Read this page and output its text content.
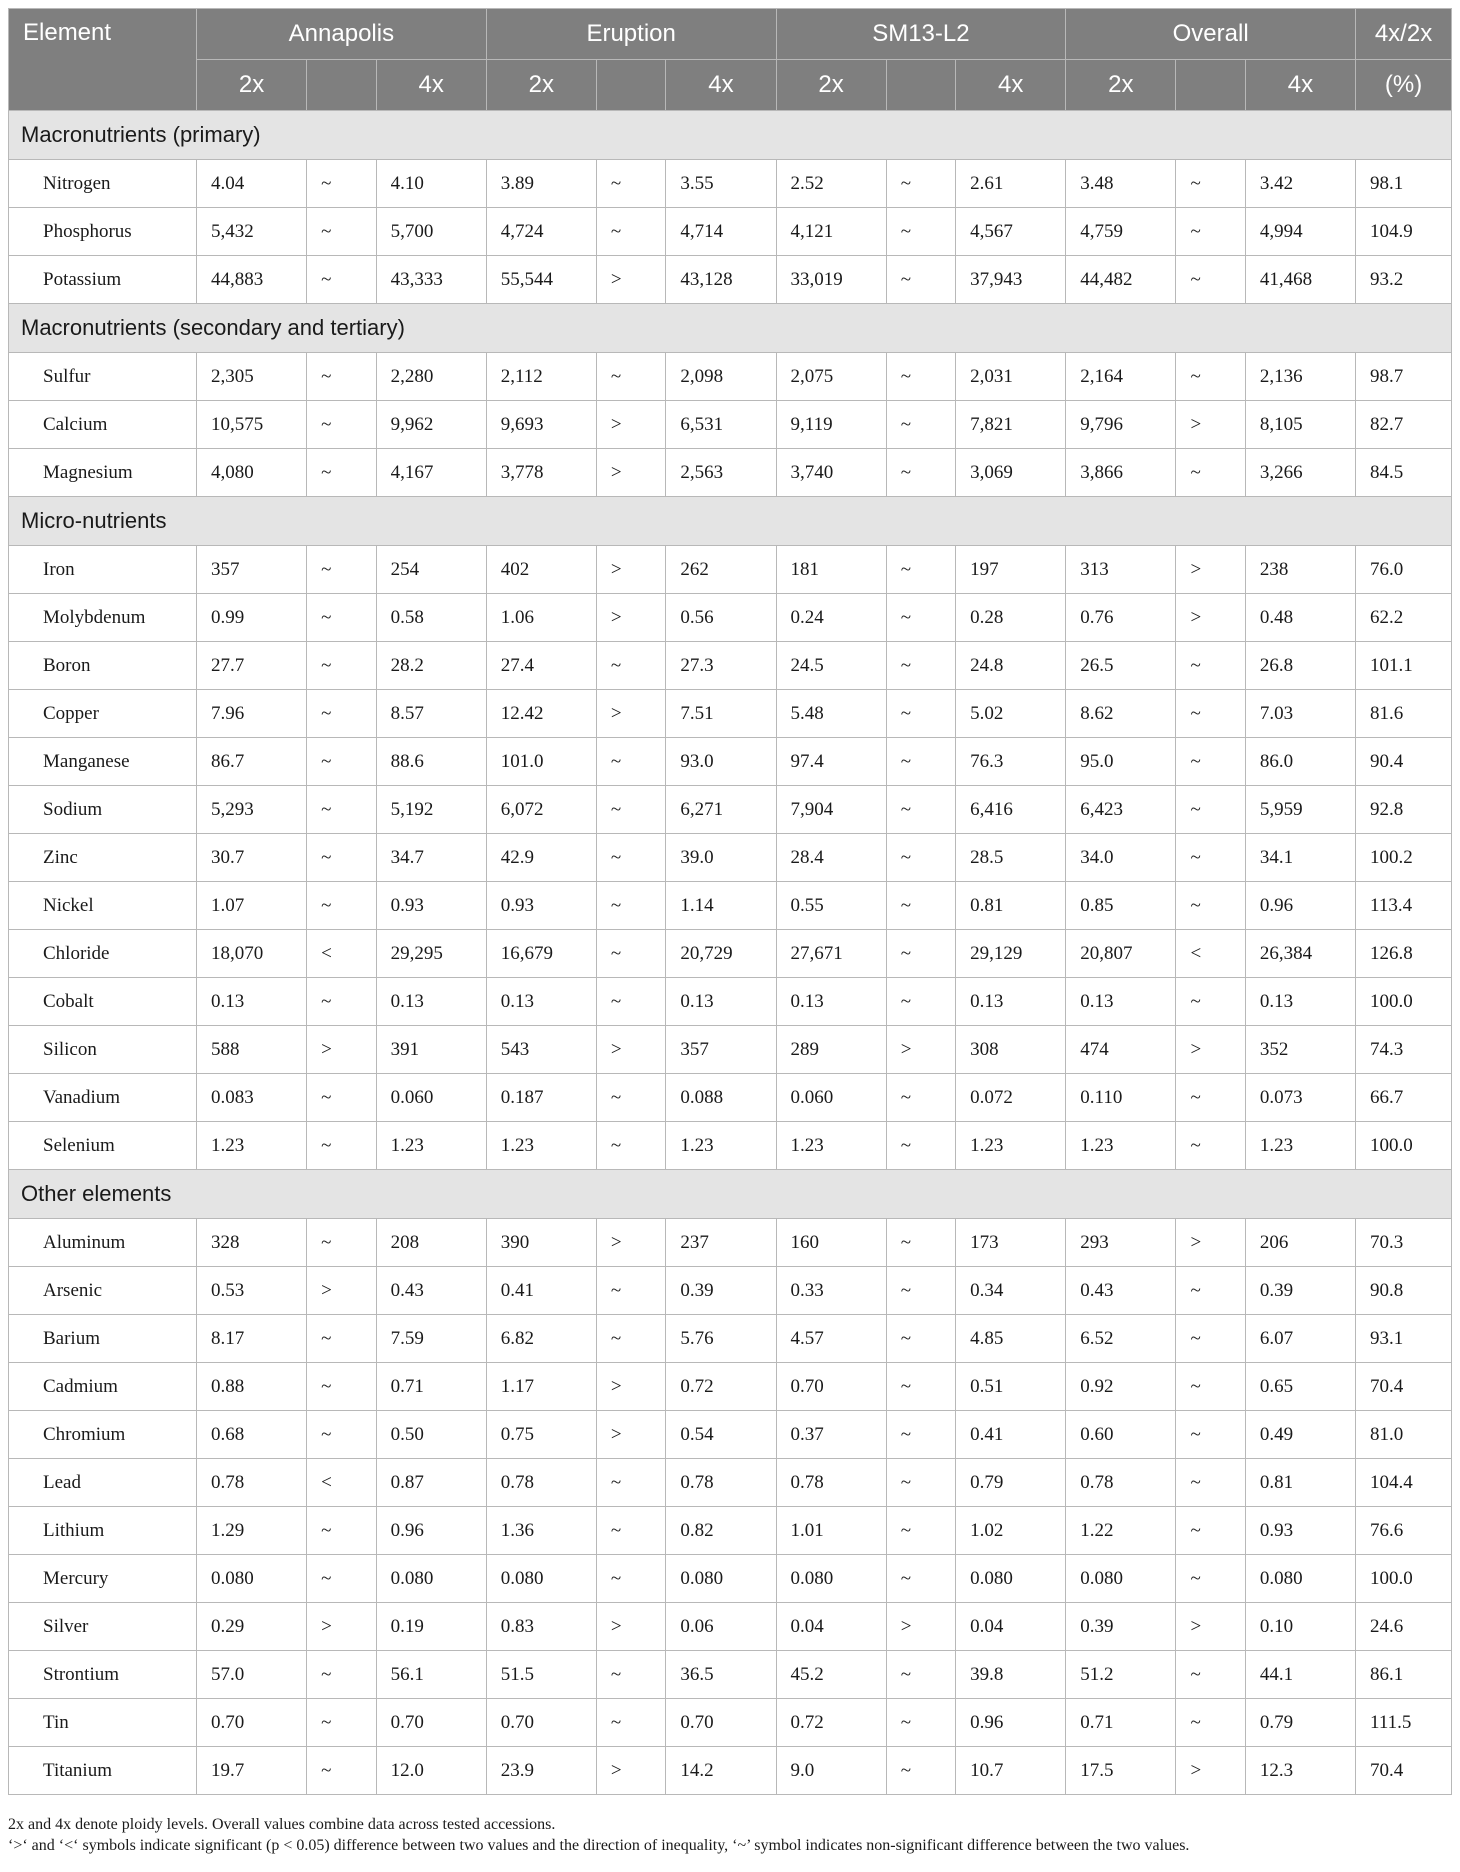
Element	Annapolis			Eruption			SM13-L2			Overall			4x/2x
	2x		4x	2x		4x	2x		4x	2x		4x	(%)
Macronutrients (primary)													
Nitrogen	4.04	~	4.10	3.89	~	3.55	2.52	~	2.61	3.48	~	3.42	98.1
Phosphorus	5,432	~	5,700	4,724	~	4,714	4,121	~	4,567	4,759	~	4,994	104.9
Potassium	44,883	~	43,333	55,544	>	43,128	33,019	~	37,943	44,482	~	41,468	93.2
Macronutrients (secondary and tertiary)													
Sulfur	2,305	~	2,280	2,112	~	2,098	2,075	~	2,031	2,164	~	2,136	98.7
Calcium	10,575	~	9,962	9,693	>	6,531	9,119	~	7,821	9,796	>	8,105	82.7
Magnesium	4,080	~	4,167	3,778	>	2,563	3,740	~	3,069	3,866	~	3,266	84.5
Micro-nutrients													
Iron	357	~	254	402	>	262	181	~	197	313	>	238	76.0
Molybdenum	0.99	~	0.58	1.06	>	0.56	0.24	~	0.28	0.76	>	0.48	62.2
Boron	27.7	~	28.2	27.4	~	27.3	24.5	~	24.8	26.5	~	26.8	101.1
Copper	7.96	~	8.57	12.42	>	7.51	5.48	~	5.02	8.62	~	7.03	81.6
Manganese	86.7	~	88.6	101.0	~	93.0	97.4	~	76.3	95.0	~	86.0	90.4
Sodium	5,293	~	5,192	6,072	~	6,271	7,904	~	6,416	6,423	~	5,959	92.8
Zinc	30.7	~	34.7	42.9	~	39.0	28.4	~	28.5	34.0	~	34.1	100.2
Nickel	1.07	~	0.93	0.93	~	1.14	0.55	~	0.81	0.85	~	0.96	113.4
Chloride	18,070	<	29,295	16,679	~	20,729	27,671	~	29,129	20,807	<	26,384	126.8
Cobalt	0.13	~	0.13	0.13	~	0.13	0.13	~	0.13	0.13	~	0.13	100.0
Silicon	588	>	391	543	>	357	289	>	308	474	>	352	74.3
Vanadium	0.083	~	0.060	0.187	~	0.088	0.060	~	0.072	0.110	~	0.073	66.7
Selenium	1.23	~	1.23	1.23	~	1.23	1.23	~	1.23	1.23	~	1.23	100.0
Other elements													
Aluminum	328	~	208	390	>	237	160	~	173	293	>	206	70.3
Arsenic	0.53	>	0.43	0.41	~	0.39	0.33	~	0.34	0.43	~	0.39	90.8
Barium	8.17	~	7.59	6.82	~	5.76	4.57	~	4.85	6.52	~	6.07	93.1
Cadmium	0.88	~	0.71	1.17	>	0.72	0.70	~	0.51	0.92	~	0.65	70.4
Chromium	0.68	~	0.50	0.75	>	0.54	0.37	~	0.41	0.60	~	0.49	81.0
Lead	0.78	<	0.87	0.78	~	0.78	0.78	~	0.79	0.78	~	0.81	104.4
Lithium	1.29	~	0.96	1.36	~	0.82	1.01	~	1.02	1.22	~	0.93	76.6
Mercury	0.080	~	0.080	0.080	~	0.080	0.080	~	0.080	0.080	~	0.080	100.0
Silver	0.29	>	0.19	0.83	>	0.06	0.04	>	0.04	0.39	>	0.10	24.6
Strontium	57.0	~	56.1	51.5	~	36.5	45.2	~	39.8	51.2	~	44.1	86.1
Tin	0.70	~	0.70	0.70	~	0.70	0.72	~	0.96	0.71	~	0.79	111.5
Titanium	19.7	~	12.0	23.9	>	14.2	9.0	~	10.7	17.5	>	12.3	70.4
2x and 4x denote ploidy levels. Overall values combine data across tested accessions.
‘>‘ and ‘<‘ symbols indicate significant (p < 0.05) difference between two values and the direction of inequality, ‘~’ symbol indicates non-significant difference between the two values.
